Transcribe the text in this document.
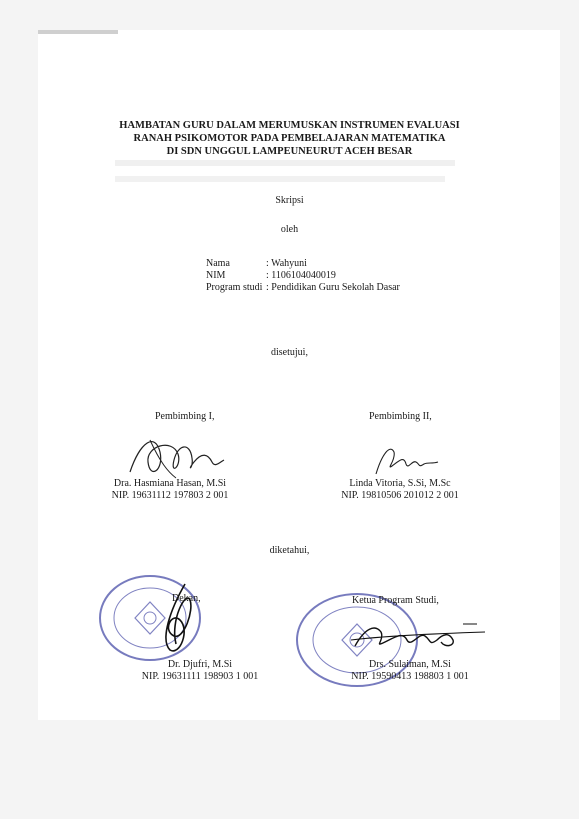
HAMBATAN GURU DALAM MERUMUSKAN INSTRUMEN EVALUASI
RANAH PSIKOMOTOR PADA PEMBELAJARAN MATEMATIKA
DI SDN UNGGUL LAMPEUNEURUT ACEH BESAR
Skripsi
oleh
Nama	: Wahyuni
NIM	: 1106104040019
Program studi : Pendidikan Guru Sekolah Dasar
disetujui,
Pembimbing I,
Dra. Hasmiana Hasan, M.Si
NIP. 19631112 197803 2 001
Pembimbing II,
Linda Vitoria, S.Si, M.Sc
NIP. 19810506 201012 2 001
diketahui,
Dekan,
Dr. Djufri, M.Si
NIP. 19631111 198903 1 001
Ketua Program Studi,
Drs. Sulaiman, M.Si
NIP. 19590413 198803 1 001
